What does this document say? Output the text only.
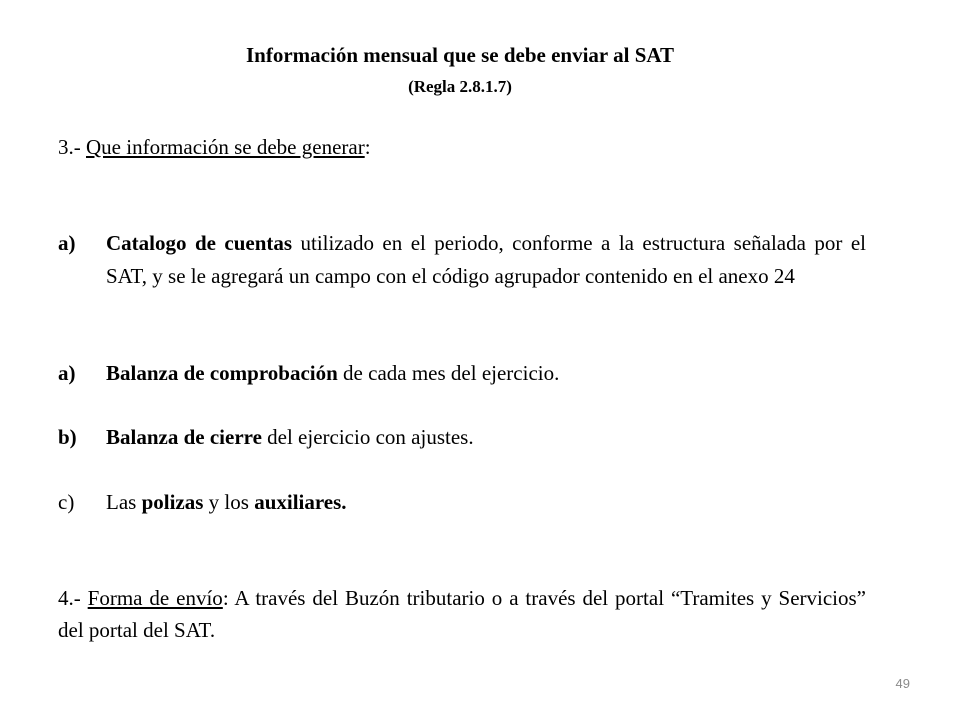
Información mensual que se debe enviar al SAT
(Regla 2.8.1.7)
3.- Que información se debe generar:
a)	Catalogo de cuentas utilizado en el periodo, conforme a la estructura señalada por el SAT, y se le agregará un campo con el código agrupador contenido en el anexo 24
a)	Balanza de comprobación de cada mes del ejercicio.
b)	Balanza de cierre del ejercicio con ajustes.
c)	Las polizas y los auxiliares.
4.- Forma de envío: A través del Buzón tributario o a través del portal “Tramites y Servicios” del portal del SAT.
49
